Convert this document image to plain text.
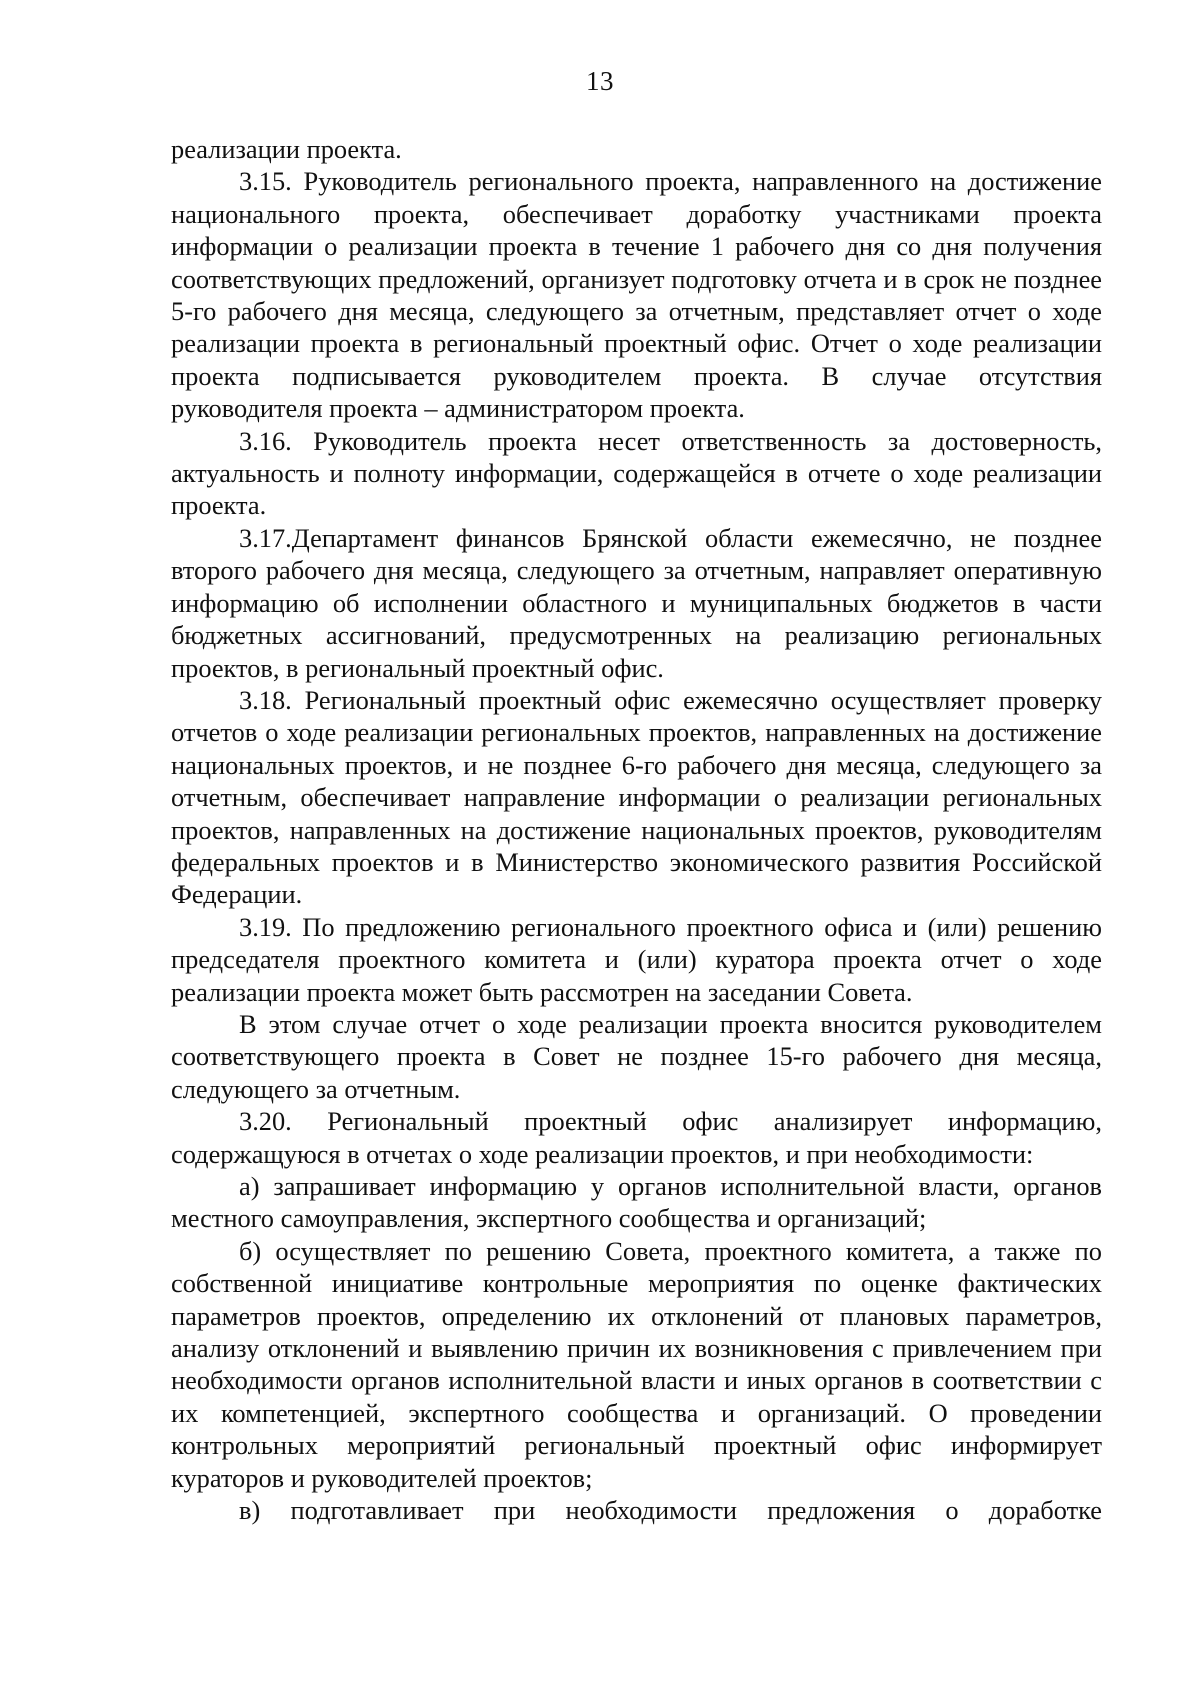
13

реализации проекта.

3.15. Руководитель регионального проекта, направленного на достижение национального проекта, обеспечивает доработку участниками проекта информации о реализации проекта в течение 1 рабочего дня со дня получения соответствующих предложений, организует подготовку отчета и в срок не позднее 5-го рабочего дня месяца, следующего за отчетным, представляет отчет о ходе реализации проекта в региональный проектный офис. Отчет о ходе реализации проекта подписывается руководителем проекта. В случае отсутствия руководителя проекта – администратором проекта.

3.16. Руководитель проекта несет ответственность за достоверность, актуальность и полноту информации, содержащейся в отчете о ходе реализации проекта.

3.17.Департамент финансов Брянской области ежемесячно, не позднее второго рабочего дня месяца, следующего за отчетным, направляет оперативную информацию об исполнении областного и муниципальных бюджетов в части бюджетных ассигнований, предусмотренных на реализацию региональных проектов, в региональный проектный офис.

3.18. Региональный проектный офис ежемесячно осуществляет проверку отчетов о ходе реализации региональных проектов, направленных на достижение национальных проектов, и не позднее 6-го рабочего дня месяца, следующего за отчетным, обеспечивает направление информации о реализации региональных проектов, направленных на достижение национальных проектов, руководителям федеральных проектов и в Министерство экономического развития Российской Федерации.

3.19. По предложению регионального проектного офиса и (или) решению председателя проектного комитета и (или) куратора проекта отчет о ходе реализации проекта может быть рассмотрен на заседании Совета.

В этом случае отчет о ходе реализации проекта вносится руководителем соответствующего проекта в Совет не позднее 15-го рабочего дня месяца, следующего за отчетным.

3.20. Региональный проектный офис анализирует информацию, содержащуюся в отчетах о ходе реализации проектов, и при необходимости:

а) запрашивает информацию у органов исполнительной власти, органов местного самоуправления, экспертного сообщества и организаций;

б) осуществляет по решению Совета, проектного комитета, а также по собственной инициативе контрольные мероприятия по оценке фактических параметров проектов, определению их отклонений от плановых параметров, анализу отклонений и выявлению причин их возникновения с привлечением при необходимости органов исполнительной власти и иных органов в соответствии с их компетенцией, экспертного сообщества и организаций. О проведении контрольных мероприятий региональный проектный офис информирует кураторов и руководителей проектов;

в) подготавливает при необходимости предложения о доработке
